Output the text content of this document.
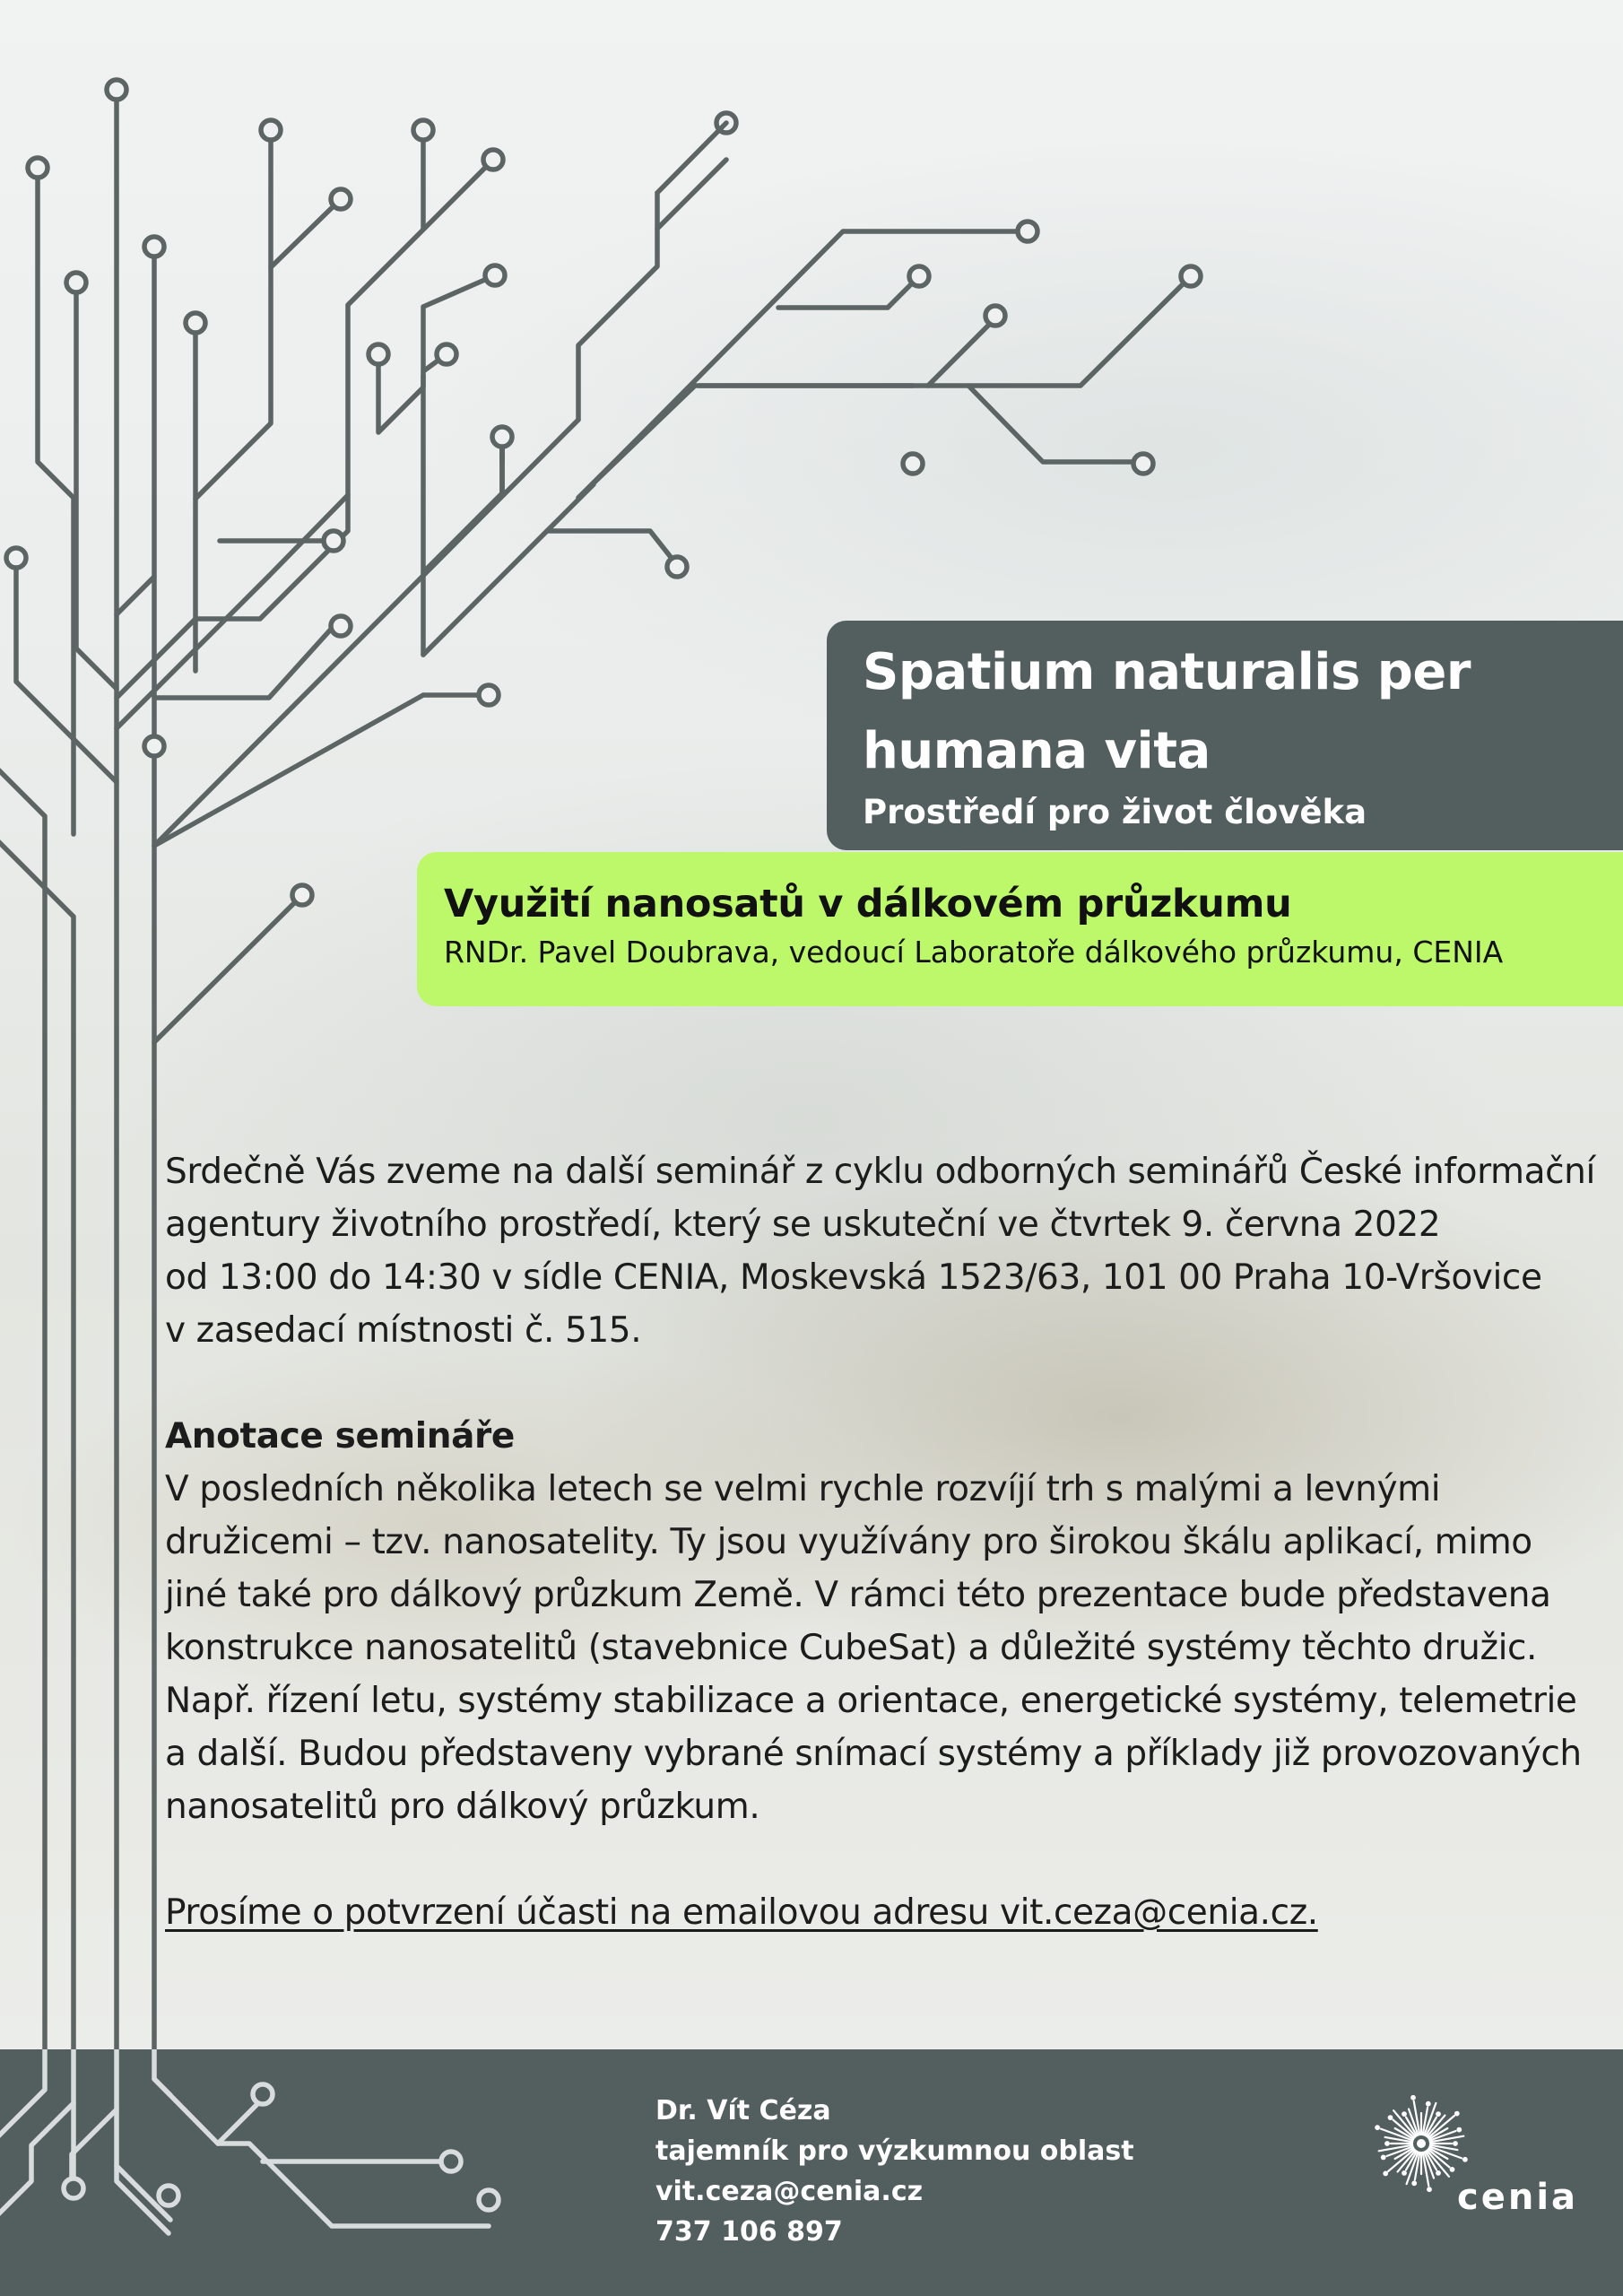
Spatium naturalis per
humana vita
Prostředí pro život člověka
Využití nanosatů v dálkovém průzkumu
RNDr. Pavel Doubrava, vedoucí Laboratoře dálkového průzkumu, CENIA
Srdečně Vás zveme na další seminář z cyklu odborných seminářů České informační
agentury životního prostředí, který se uskuteční ve čtvrtek 9. června 2022
od 13:00 do 14:30 v sídle CENIA, Moskevská 1523/63, 101 00 Praha 10-Vršovice
v zasedací místnosti č. 515.
Anotace semináře
V posledních několika letech se velmi rychle rozvíjí trh s malými a levnými
družicemi – tzv. nanosatelity. Ty jsou využívány pro širokou škálu aplikací, mimo
jiné také pro dálkový průzkum Země. V rámci této prezentace bude představena
konstrukce nanosatelitů (stavebnice CubeSat) a důležité systémy těchto družic.
Např. řízení letu, systémy stabilizace a orientace, energetické systémy, telemetrie
a další. Budou představeny vybrané snímací systémy a příklady již provozovaných
nanosatelitů pro dálkový průzkum.
Prosíme o potvrzení účasti na emailovou adresu vit.ceza@cenia.cz.
Dr. Vít Céza
tajemník pro výzkumnou oblast
vit.ceza@cenia.cz
737 106 897
cenia
